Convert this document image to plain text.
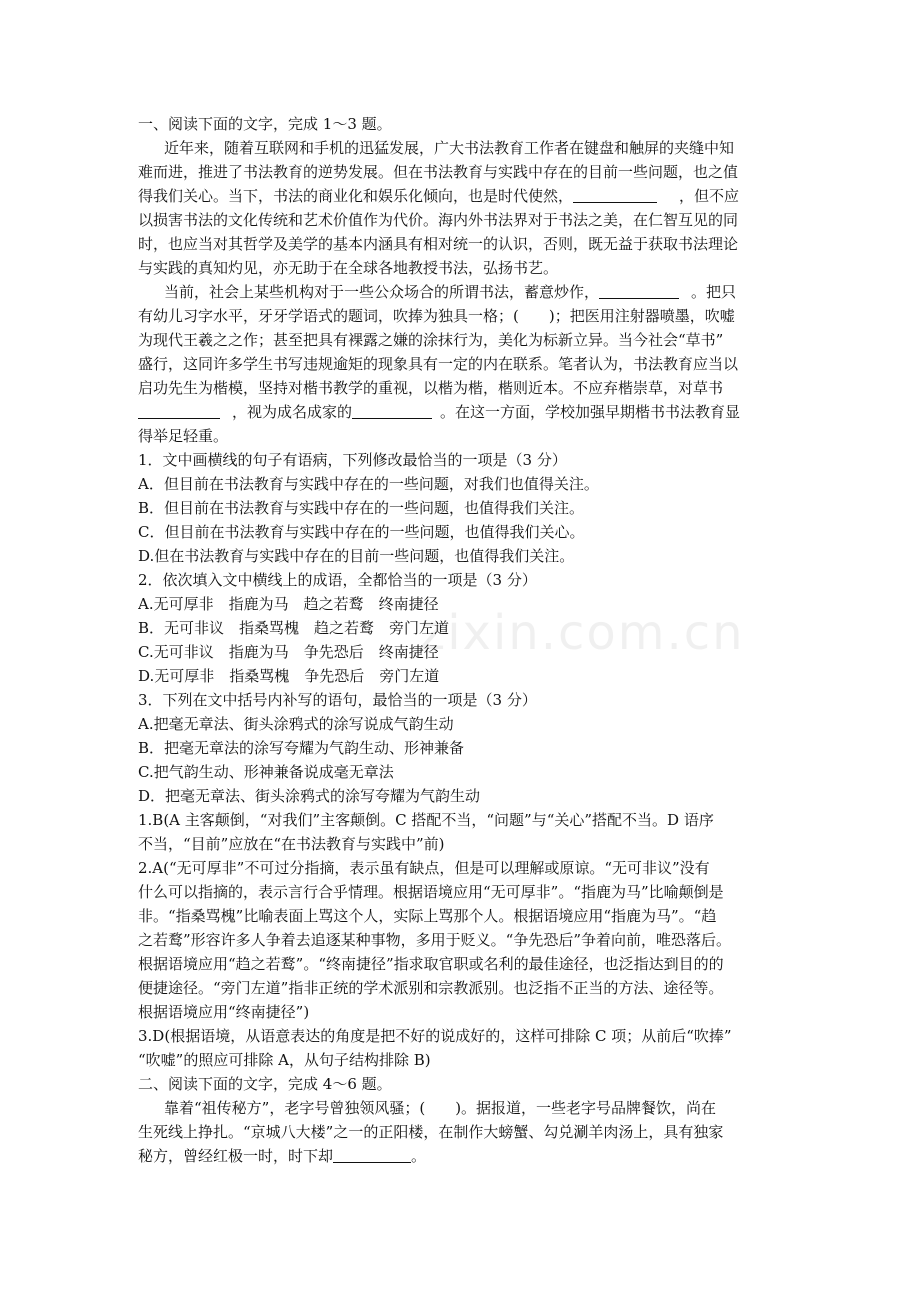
一、阅读下面的文字，完成 1～3 题。
近年来，随着互联网和手机的迅猛发展，广大书法教育工作者在键盘和触屏的夹缝中知
难而进，推进了书法教育的逆势发展。但在书法教育与实践中存在的目前一些问题，也之值
得我们关心。当下，书法的商业化和娱乐化倾向，也是时代使然，	，但不应
以损害书法的文化传统和艺术价值作为代价。海内外书法界对于书法之美，在仁智互见的同
时，也应当对其哲学及美学的基本内涵具有相对统一的认识，否则，既无益于获取书法理论
与实践的真知灼见，亦无助于在全球各地教授书法，弘扬书艺。
当前，社会上某些机构对于一些公众场合的所谓书法，蓄意炒作，	。把只
有幼儿习字水平，牙牙学语式的题词，吹捧为独具一格；(　　)；把医用注射器喷墨，吹嘘
为现代王羲之之作；甚至把具有裸露之嫌的涂抹行为，美化为标新立异。当今社会“草书”
盛行，这同许多学生书写违规逾矩的现象具有一定的内在联系。笔者认为，书法教育应当以
启功先生为楷模，坚持对楷书教学的重视，以楷为楷，楷则近本。不应弃楷崇草，对草书
，视为成名成家的	。在这一方面，学校加强早期楷书书法教育显
得举足轻重。
1．文中画横线的句子有语病，下列修改最恰当的一项是（3 分）
A．但目前在书法教育与实践中存在的一些问题，对我们也值得关注。
B．但目前在书法教育与实践中存在的一些问题，也值得我们关注。
C．但目前在书法教育与实践中存在的一些问题，也值得我们关心。
D.但在书法教育与实践中存在的目前一些问题，也值得我们关注。
2．依次填入文中横线上的成语，全都恰当的一项是（3 分）
A.无可厚非　指鹿为马　趋之若鹜　终南捷径
B．无可非议　指桑骂槐　趋之若鹜　旁门左道
C.无可非议　指鹿为马　争先恐后　终南捷径
D.无可厚非　指桑骂槐　争先恐后　旁门左道
3．下列在文中括号内补写的语句，最恰当的一项是（3 分）
A.把毫无章法、街头涂鸦式的涂写说成气韵生动
B．把毫无章法的涂写夸耀为气韵生动、形神兼备
C.把气韵生动、形神兼备说成毫无章法
D．把毫无章法、街头涂鸦式的涂写夸耀为气韵生动
1.B(A 主客颠倒，“对我们”主客颠倒。C 搭配不当，“问题”与“关心”搭配不当。D 语序
不当，“目前”应放在“在书法教育与实践中”前)
2.A(“无可厚非”不可过分指摘，表示虽有缺点，但是可以理解或原谅。“无可非议”没有
什么可以指摘的，表示言行合乎情理。根据语境应用“无可厚非”。“指鹿为马”比喻颠倒是
非。“指桑骂槐”比喻表面上骂这个人，实际上骂那个人。根据语境应用“指鹿为马”。“趋
之若鹜”形容许多人争着去追逐某种事物，多用于贬义。“争先恐后”争着向前，唯恐落后。
根据语境应用“趋之若鹜”。“终南捷径”指求取官职或名利的最佳途径，也泛指达到目的的
便捷途径。“旁门左道”指非正统的学术派别和宗教派别。也泛指不正当的方法、途径等。
根据语境应用“终南捷径”)
3.D(根据语境，从语意表达的角度是把不好的说成好的，这样可排除 C 项；从前后“吹捧”
“吹嘘”的照应可排除 A，从句子结构排除 B)
二、阅读下面的文字，完成 4～6 题。
靠着“祖传秘方”，老字号曾独领风骚；(　　)。据报道，一些老字号品牌餐饮，尚在
生死线上挣扎。“京城八大楼”之一的正阳楼，在制作大螃蟹、勾兑涮羊肉汤上，具有独家
秘方，曾经红极一时，时下却	。
zixin.com.cn
